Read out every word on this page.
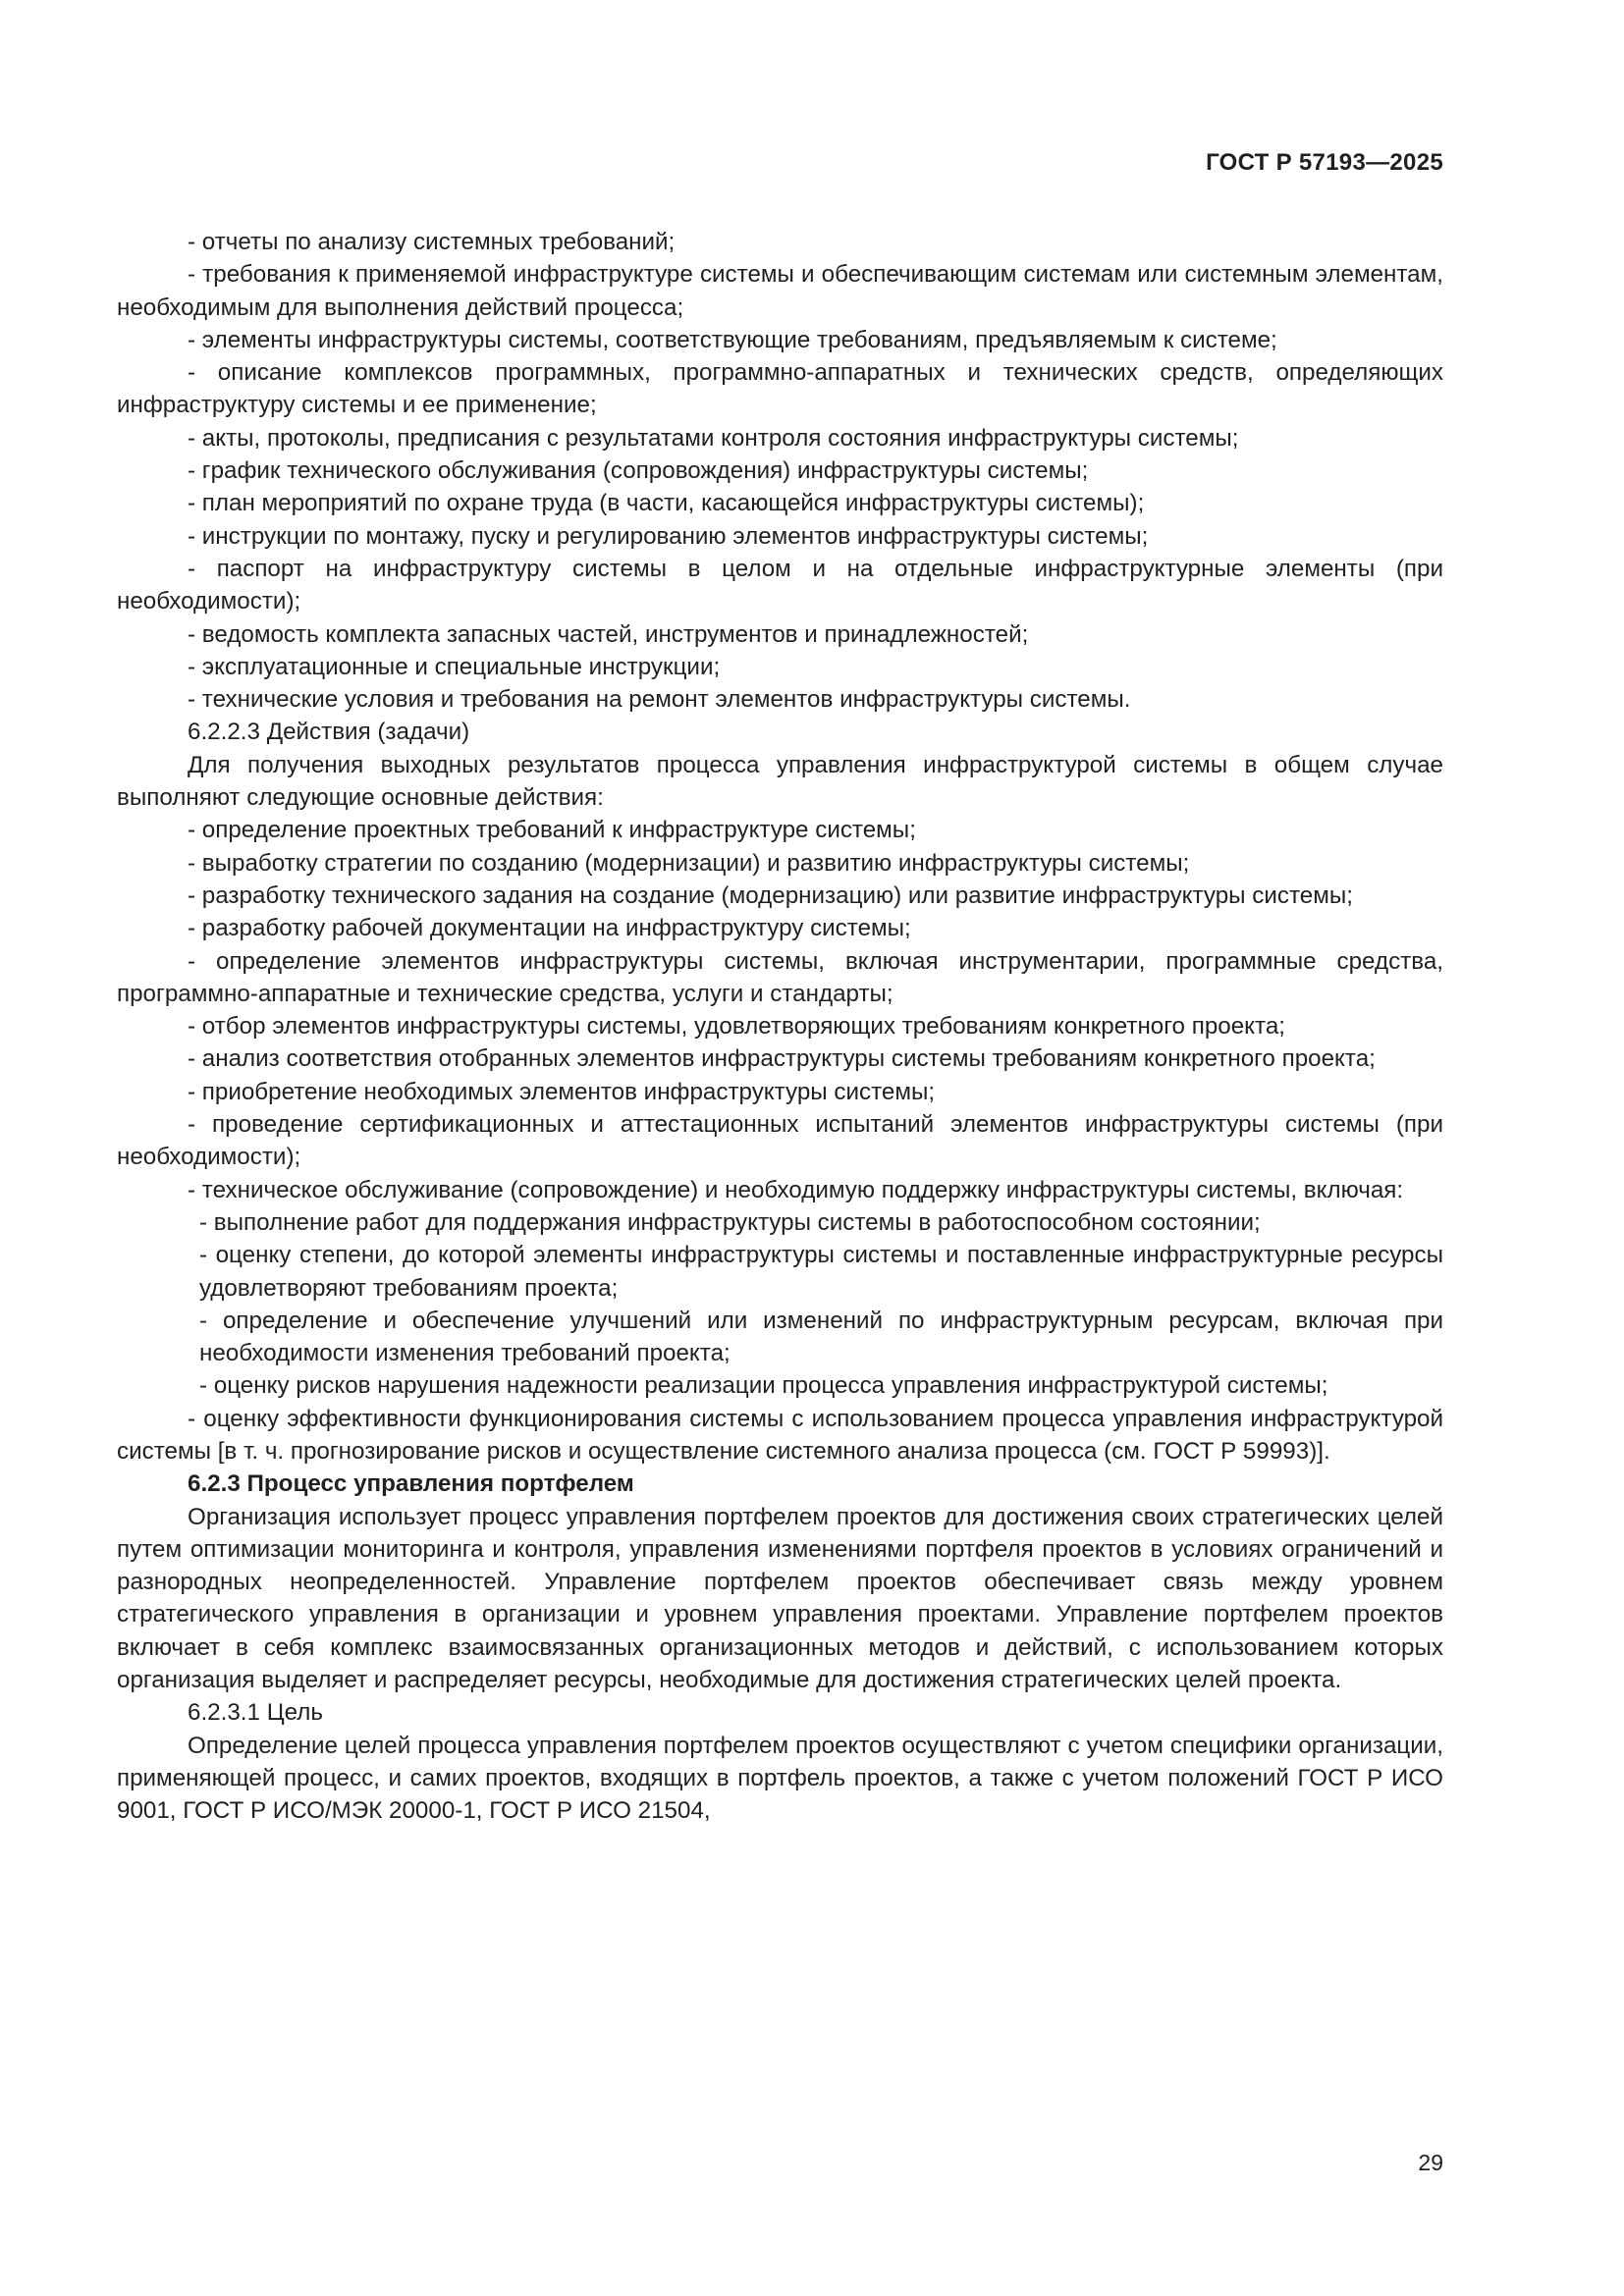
ГОСТ Р 57193—2025

- отчеты по анализу системных требований;

- требования к применяемой инфраструктуре системы и обеспечивающим системам или системным элементам, необходимым для выполнения действий процесса;

- элементы инфраструктуры системы, соответствующие требованиям, предъявляемым к системе;

- описание комплексов программных, программно-аппаратных и технических средств, определяющих инфраструктуру системы и ее применение;

- акты, протоколы, предписания с результатами контроля состояния инфраструктуры системы;

- график технического обслуживания (сопровождения) инфраструктуры системы;

- план мероприятий по охране труда (в части, касающейся инфраструктуры системы);

- инструкции по монтажу, пуску и регулированию элементов инфраструктуры системы;

- паспорт на инфраструктуру системы в целом и на отдельные инфраструктурные элементы (при необходимости);

- ведомость комплекта запасных частей, инструментов и принадлежностей;

- эксплуатационные и специальные инструкции;

- технические условия и требования на ремонт элементов инфраструктуры системы.

6.2.2.3 Действия (задачи)

Для получения выходных результатов процесса управления инфраструктурой системы в общем случае выполняют следующие основные действия:

- определение проектных требований к инфраструктуре системы;

- выработку стратегии по созданию (модернизации) и развитию инфраструктуры системы;

- разработку технического задания на создание (модернизацию) или развитие инфраструктуры системы;

- разработку рабочей документации на инфраструктуру системы;

- определение элементов инфраструктуры системы, включая инструментарии, программные средства, программно-аппаратные и технические средства, услуги и стандарты;

- отбор элементов инфраструктуры системы, удовлетворяющих требованиям конкретного проекта;

- анализ соответствия отобранных элементов инфраструктуры системы требованиям конкретного проекта;

- приобретение необходимых элементов инфраструктуры системы;

- проведение сертификационных и аттестационных испытаний элементов инфраструктуры системы (при необходимости);

- техническое обслуживание (сопровождение) и необходимую поддержку инфраструктуры системы, включая:

- выполнение работ для поддержания инфраструктуры системы в работоспособном состоянии;

- оценку степени, до которой элементы инфраструктуры системы и поставленные инфраструктурные ресурсы удовлетворяют требованиям проекта;

- определение и обеспечение улучшений или изменений по инфраструктурным ресурсам, включая при необходимости изменения требований проекта;

- оценку рисков нарушения надежности реализации процесса управления инфраструктурой системы;

- оценку эффективности функционирования системы с использованием процесса управления инфраструктурой системы [в т. ч. прогнозирование рисков и осуществление системного анализа процесса (см. ГОСТ Р 59993)].

6.2.3 Процесс управления портфелем

Организация использует процесс управления портфелем проектов для достижения своих стратегических целей путем оптимизации мониторинга и контроля, управления изменениями портфеля проектов в условиях ограничений и разнородных неопределенностей. Управление портфелем проектов обеспечивает связь между уровнем стратегического управления в организации и уровнем управления проектами. Управление портфелем проектов включает в себя комплекс взаимосвязанных организационных методов и действий, с использованием которых организация выделяет и распределяет ресурсы, необходимые для достижения стратегических целей проекта.

6.2.3.1 Цель

Определение целей процесса управления портфелем проектов осуществляют с учетом специфики организации, применяющей процесс, и самих проектов, входящих в портфель проектов, а также с учетом положений ГОСТ Р ИСО 9001, ГОСТ Р ИСО/МЭК 20000-1, ГОСТ Р ИСО 21504,

29
